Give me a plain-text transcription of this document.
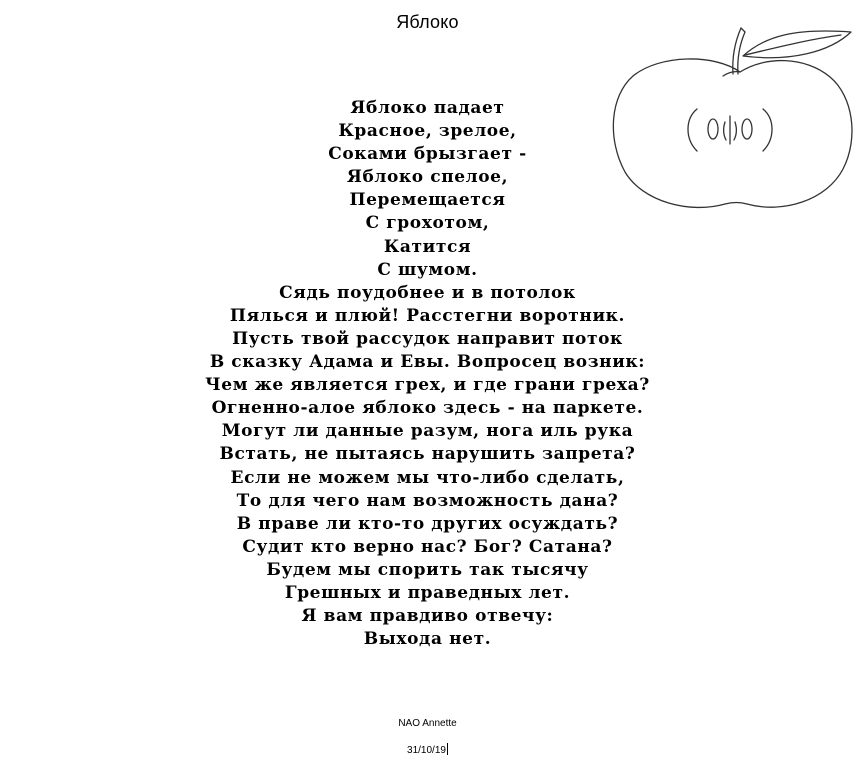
Яблоко
Яблоко падает
Красное, зрелое,
Соками брызгает -
Яблоко спелое,
Перемещается
С грохотом,
Катится
С шумом.
Сядь поудобнее и в потолок
Пялься и плюй! Расстегни воротник.
Пусть твой рассудок направит поток
В сказку Адама и Евы. Вопросец возник:
Чем же является грех, и где грани греха?
Огненно-алое яблоко здесь - на паркете.
Могут ли данные разум, нога иль рука
Встать, не пытаясь нарушить запрета?
Если не можем мы что-либо сделать,
То для чего нам возможность дана?
В праве ли кто-то других осуждать?
Судит кто верно нас? Бог? Сатана?
Будем мы спорить так тысячу
Грешных и праведных лет.
Я вам правдиво отвечу:
Выхода нет.
NAO Annette
31/10/19
